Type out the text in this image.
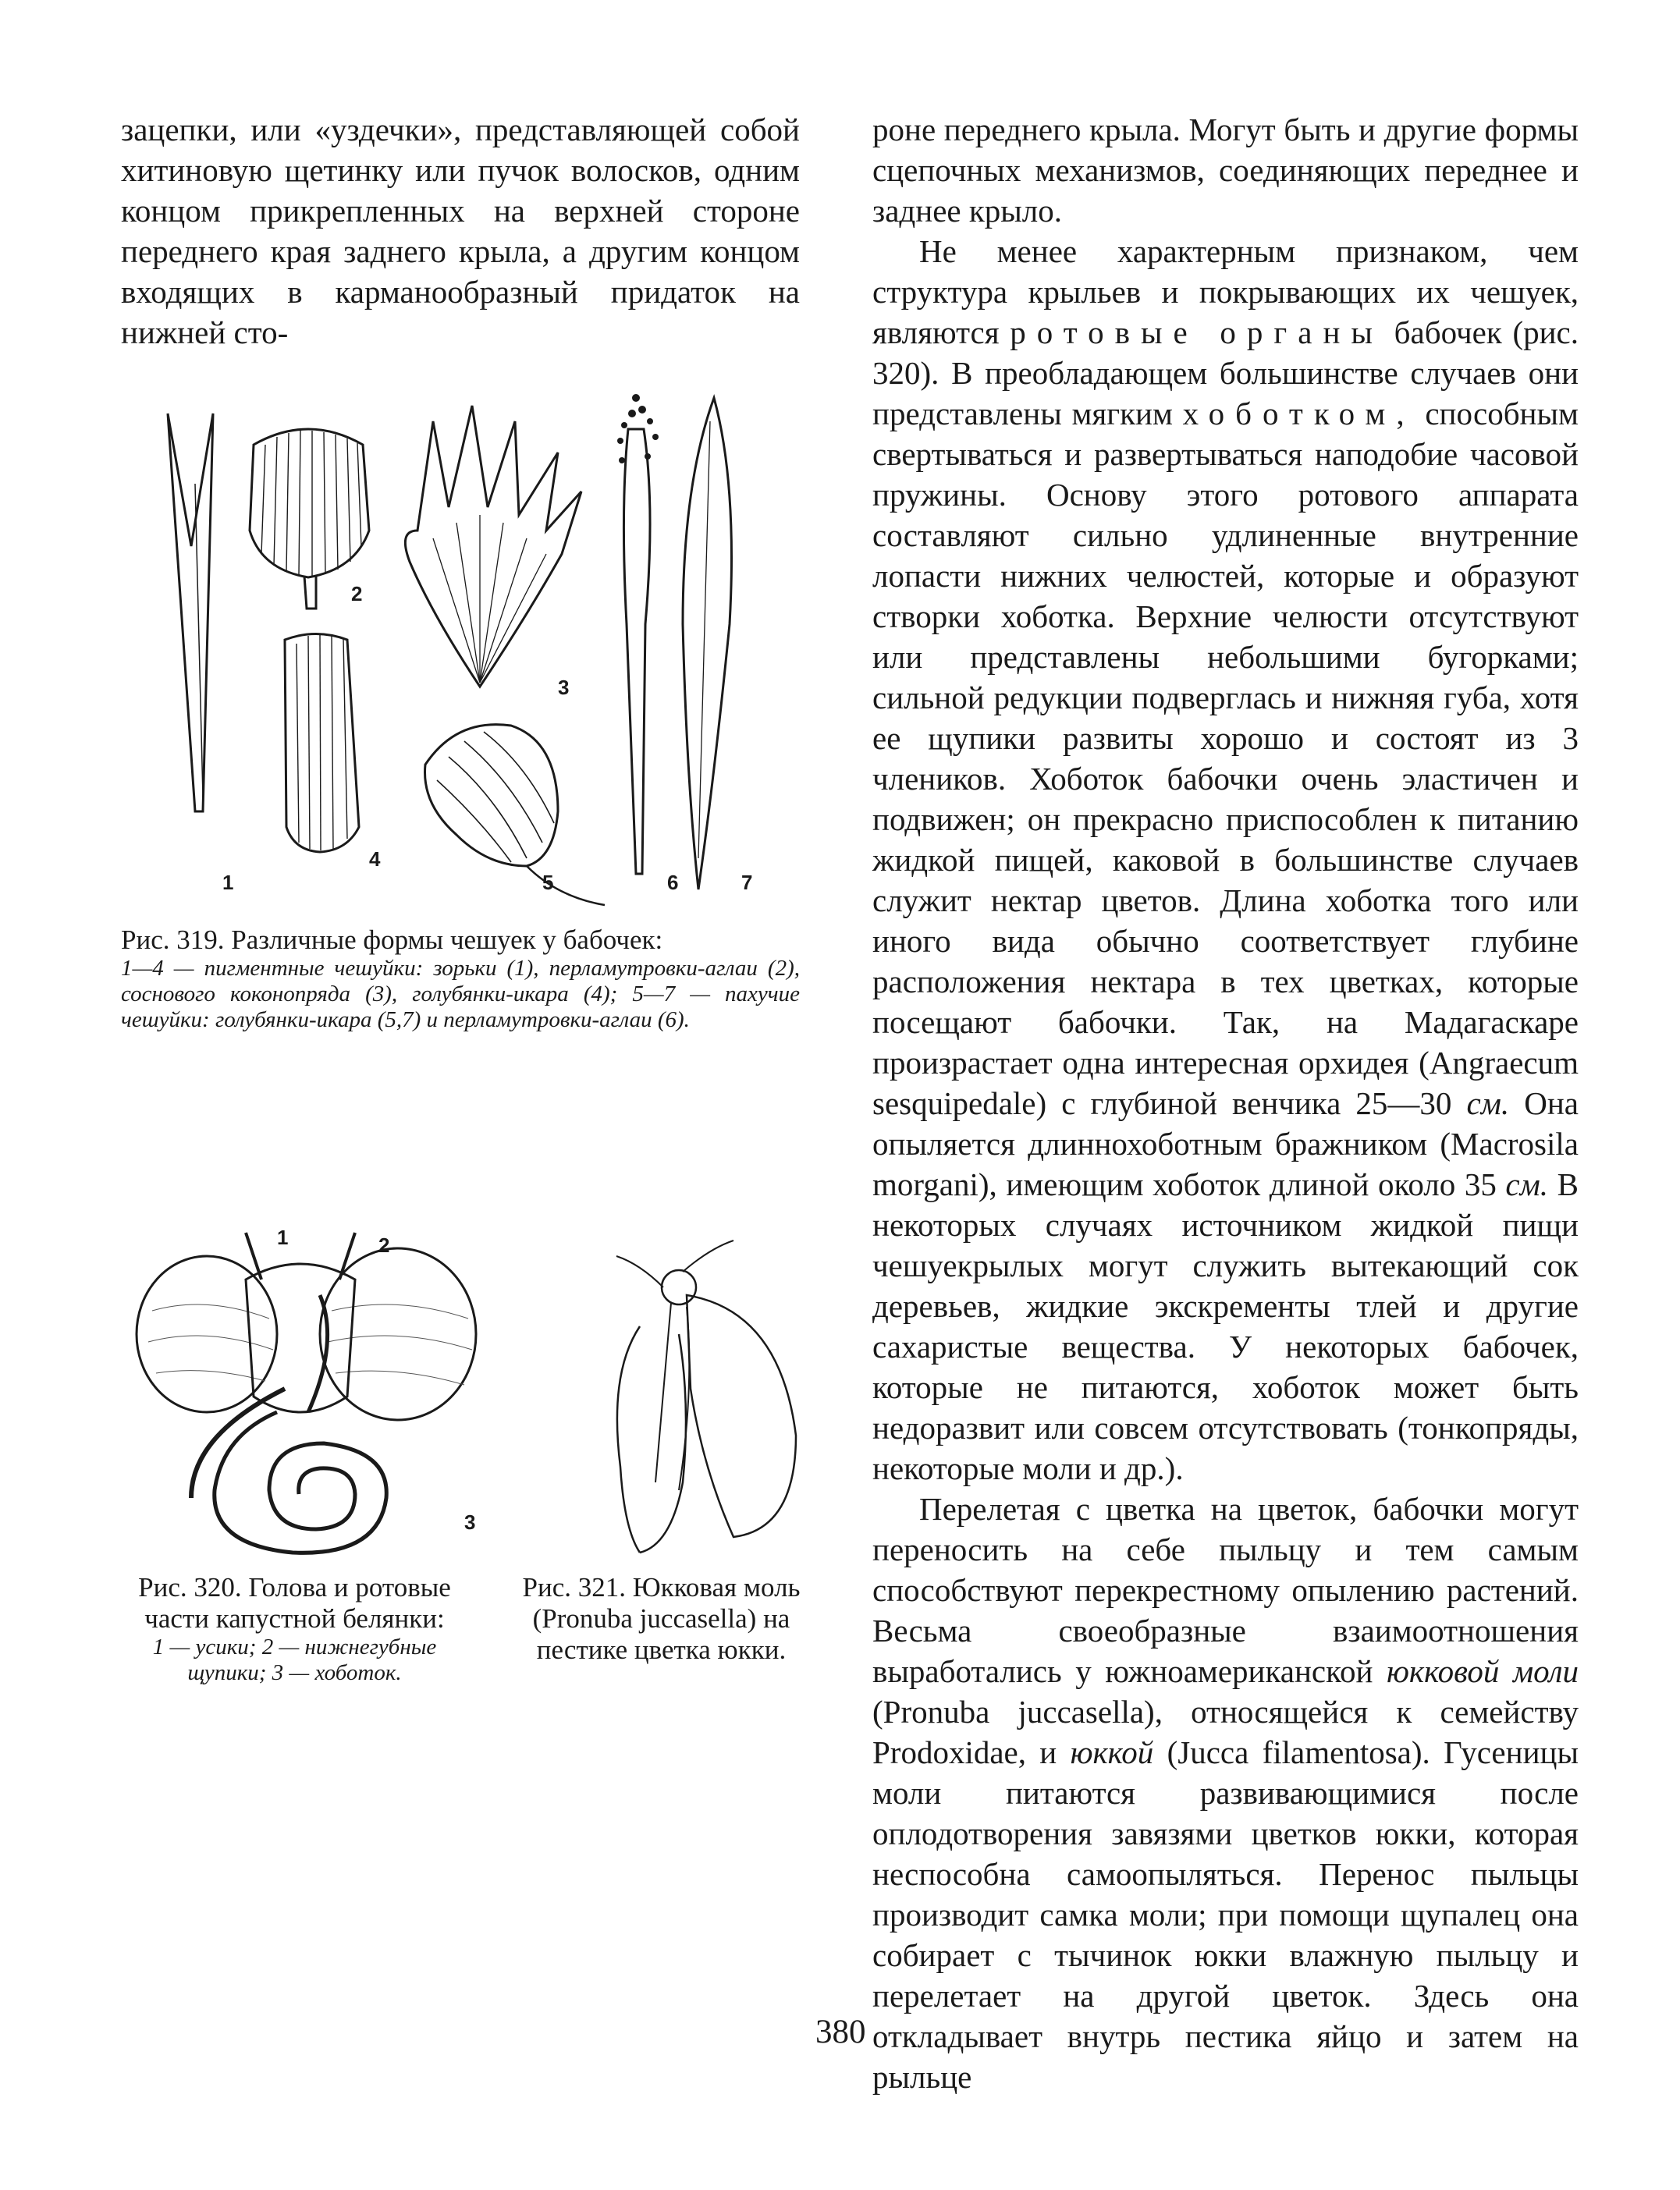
зацепки, или «уздечки», представляющей собой хитиновую щетинку или пучок волосков, одним концом прикрепленных на верхней стороне переднего края заднего крыла, а другим концом входящих в карманообразный придаток на нижней сто-

1
2
3
4
5	6	7
Рис. 319. Различные формы чешуек у бабочек:
1—4 — пигментные чешуйки: зорьки (1), перламутровки-аглаи (2), соснового коконопряда (3), голубянки-икара (4); 5—7 — пахучие чешуйки: голубянки-икара (5,7) и перламутровки-аглаи (6).
1	2
3
Рис. 320. Голова и ротовые части капустной белянки:
1 — усики; 2 — нижнегубные щупики; 3 — хоботок.
Рис. 321. Юкковая моль (Pronuba juccasella) на пестике цветка юкки.

роне переднего крыла. Могут быть и другие формы сцепочных механизмов, соединяющих переднее и заднее крыло.

Не менее характерным признаком, чем структура крыльев и покрывающих их чешуек, являются ротовые органы бабочек (рис. 320). В преобладающем большинстве случаев они представлены мягким хоботком, способным свертываться и развертываться наподобие часовой пружины. Основу этого ротового аппарата составляют сильно удлиненные внутренние лопасти нижних челюстей, которые и образуют створки хоботка. Верхние челюсти отсутствуют или представлены небольшими бугорками; сильной редукции подверглась и нижняя губа, хотя ее щупики развиты хорошо и состоят из 3 члеников. Хоботок бабочки очень эластичен и подвижен; он прекрасно приспособлен к питанию жидкой пищей, каковой в большинстве случаев служит нектар цветов. Длина хоботка того или иного вида обычно соответствует глубине расположения нектара в тех цветках, которые посещают бабочки. Так, на Мадагаскаре произрастает одна интересная орхидея (Angraecum sesquipedale) с глубиной венчика 25—30 см. Она опыляется длиннохоботным бражником (Macrosila morgani), имеющим хоботок длиной около 35 см. В некоторых случаях источником жидкой пищи чешуекрылых могут служить вытекающий сок деревьев, жидкие экскременты тлей и другие сахаристые вещества. У некоторых бабочек, которые не питаются, хоботок может быть недоразвит или совсем отсутствовать (тонкопряды, некоторые моли и др.).

Перелетая с цветка на цветок, бабочки могут переносить на себе пыльцу и тем самым способствуют перекрестному опылению растений. Весьма своеобразные взаимоотношения выработались у южноамериканской юкковой моли (Pronuba juccasella), относящейся к семейству Prodoxidae, и юккой (Jucca filamentosa). Гусеницы моли питаются развивающимися после оплодотворения завязями цветков юкки, которая неспособна самоопыляться. Перенос пыльцы производит самка моли; при помощи щупалец она собирает с тычинок юкки влажную пыльцу и перелетает на другой цветок. Здесь она откладывает внутрь пестика яйцо и затем на рыльце

380
